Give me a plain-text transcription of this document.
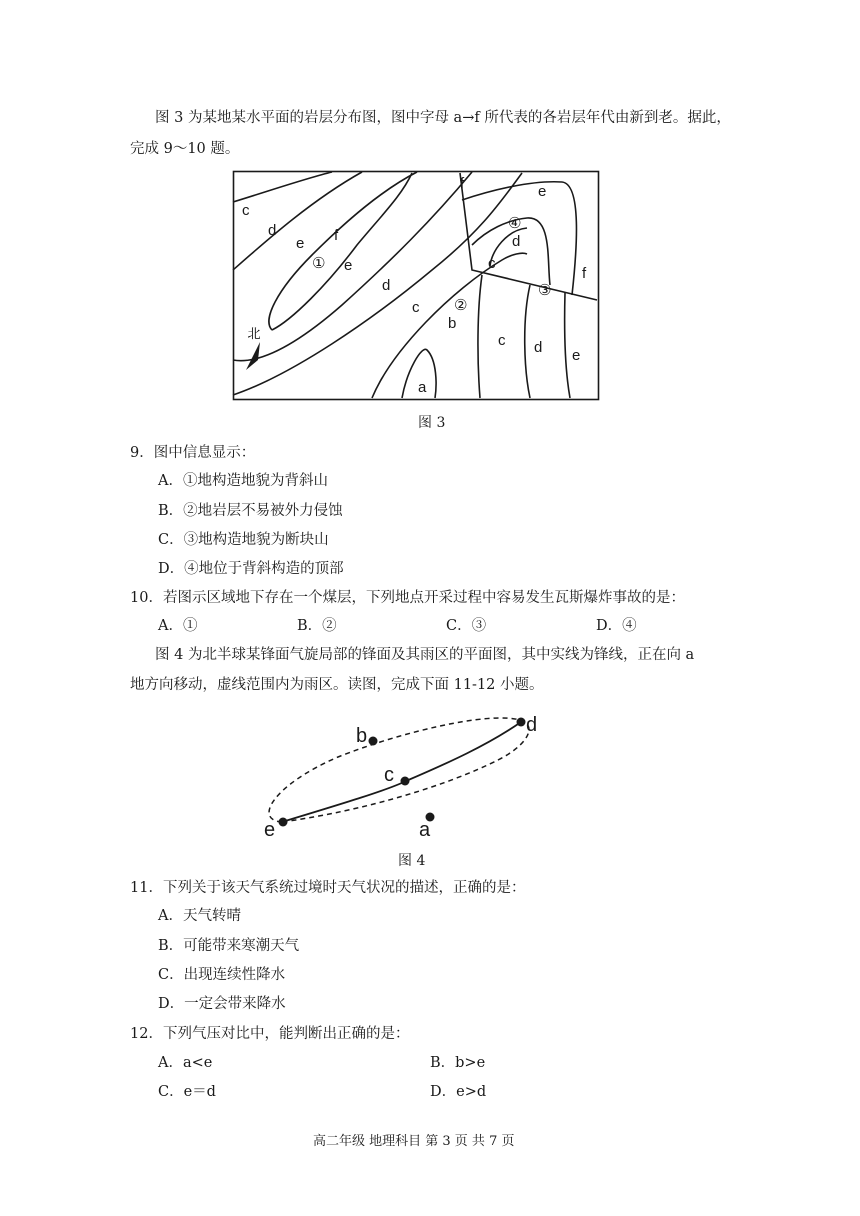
图 3 为某地某水平面的岩层分布图，图中字母 a→f 所代表的各岩层年代由新到老。据此，
完成 9～10 题。
北
c
d
e
①
f
e
d
c ②
b
a
f	e
④
d
c
f
③
c d e
图 3
9．图中信息显示：
A．①地构造地貌为背斜山
B．②地岩层不易被外力侵蚀
C．③地构造地貌为断块山
D．④地位于背斜构造的顶部
10．若图示区域地下存在一个煤层，下列地点开采过程中容易发生瓦斯爆炸事故的是：
A．①	B．②	C．③	D．④
图 4 为北半球某锋面气旋局部的锋面及其雨区的平面图，其中实线为锋线，正在向 a
地方向移动，虚线范围内为雨区。读图，完成下面 11-12 小题。
b	d
c
e	a
图 4
11．下列关于该天气系统过境时天气状况的描述，正确的是：
A．天气转晴
B．可能带来寒潮天气
C．出现连续性降水
D．一定会带来降水
12．下列气压对比中，能判断出正确的是：
A．a<e	B．b>e
C．e＝d	D．e>d
高二年级 地理科目 第 3 页 共 7 页
